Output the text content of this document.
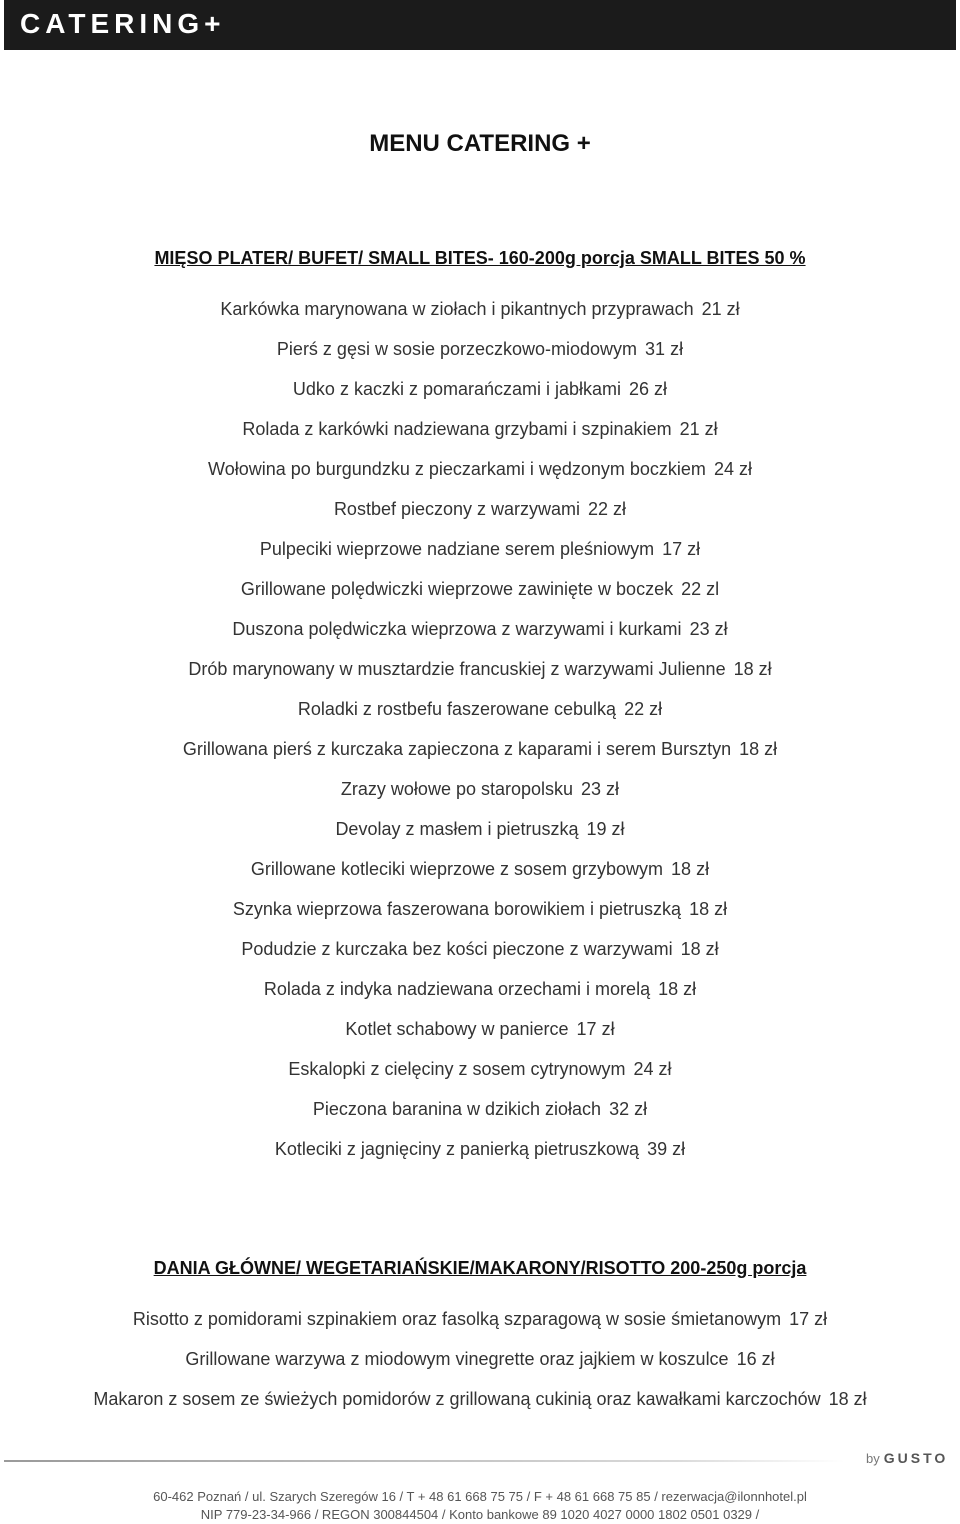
CATERING+
MENU CATERING +
MIĘSO PLATER/ BUFET/ SMALL BITES- 160-200g porcja SMALL BITES 50 %
Karkówka marynowana w ziołach i pikantnych przyprawach 21 zł
Pierś z gęsi w sosie porzeczkowo-miodowym 31 zł
Udko z kaczki z pomarańczami i jabłkami 26 zł
Rolada z karkówki nadziewana grzybami i szpinakiem 21 zł
Wołowina po burgundzku z pieczarkami i wędzonym boczkiem 24 zł
Rostbef pieczony z warzywami 22 zł
Pulpeciki wieprzowe nadziane serem pleśniowym 17 zł
Grillowane polędwiczki wieprzowe zawinięte w boczek 22 zl
Duszona polędwiczka wieprzowa z warzywami i kurkami 23 zł
Drób marynowany w musztardzie francuskiej z warzywami Julienne 18 zł
Roladki z rostbefu faszerowane cebulką 22 zł
Grillowana pierś z kurczaka zapieczona z kaparami i serem Bursztyn 18 zł
Zrazy wołowe po staropolsku 23 zł
Devolay z masłem i pietruszką 19 zł
Grillowane kotleciki wieprzowe z sosem grzybowym 18 zł
Szynka wieprzowa faszerowana borowikiem i pietruszką 18 zł
Podudzie z kurczaka bez kości pieczone z warzywami 18 zł
Rolada z indyka nadziewana orzechami i morelą 18 zł
Kotlet schabowy w panierce 17 zł
Eskalopki z cielęciny z sosem cytrynowym 24 zł
Pieczona baranina w dzikich ziołach 32 zł
Kotleciki z jagnięciny z panierką pietruszkową 39 zł
DANIA GŁÓWNE/ WEGETARIAŃSKIE/MAKARONY/RISOTTO 200-250g porcja
Risotto z pomidorami szpinakiem oraz fasolką szparagową w sosie śmietanowym 17 zł
Grillowane warzywa z miodowym vinegrette oraz jajkiem w koszulce 16 zł
Makaron z sosem ze świeżych pomidorów z grillowaną cukinią oraz kawałkami karczochów 18 zł
by GUSTO
60-462 Poznań / ul. Szarych Szeregów 16 / T + 48 61 668 75 75 / F + 48 61 668 75 85 / rezerwacja@ilonnhotel.pl
NIP 779-23-34-966 / REGON 300844504 / Konto bankowe 89 1020 4027 0000 1802 0501 0329 /
